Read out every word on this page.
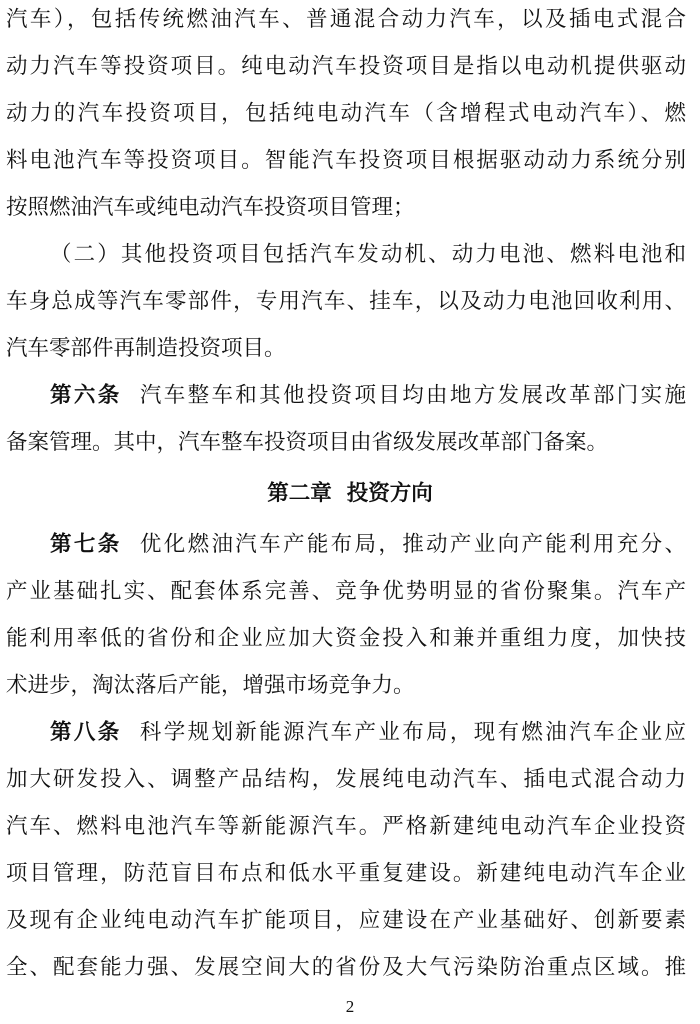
第六条 汽车整车和其他投资项目均由地方发展改革部门实施
第二章  投资方向
第七条 优化燃油汽车产能布局，推动产业向产能利用充分、
第八条 科学规划新能源汽车产业布局，现有燃油汽车企业应
2
汽车），包括传统燃油汽车、普通混合动力汽车，以及插电式混合
动力汽车等投资项目。纯电动汽车投资项目是指以电动机提供驱动
动力的汽车投资项目，包括纯电动汽车（含增程式电动汽车）、燃
料电池汽车等投资项目。智能汽车投资项目根据驱动动力系统分别
按照燃油汽车或纯电动汽车投资项目管理；
（二）其他投资项目包括汽车发动机、动力电池、燃料电池和
车身总成等汽车零部件，专用汽车、挂车，以及动力电池回收利用、
汽车零部件再制造投资项目。
备案管理。其中，汽车整车投资项目由省级发展改革部门备案。
产业基础扎实、配套体系完善、竞争优势明显的省份聚集。汽车产
能利用率低的省份和企业应加大资金投入和兼并重组力度，加快技
术进步，淘汰落后产能，增强市场竞争力。
加大研发投入、调整产品结构，发展纯电动汽车、插电式混合动力
汽车、燃料电池汽车等新能源汽车。严格新建纯电动汽车企业投资
项目管理，防范盲目布点和低水平重复建设。新建纯电动汽车企业
及现有企业纯电动汽车扩能项目，应建设在产业基础好、创新要素
全、配套能力强、发展空间大的省份及大气污染防治重点区域。推
